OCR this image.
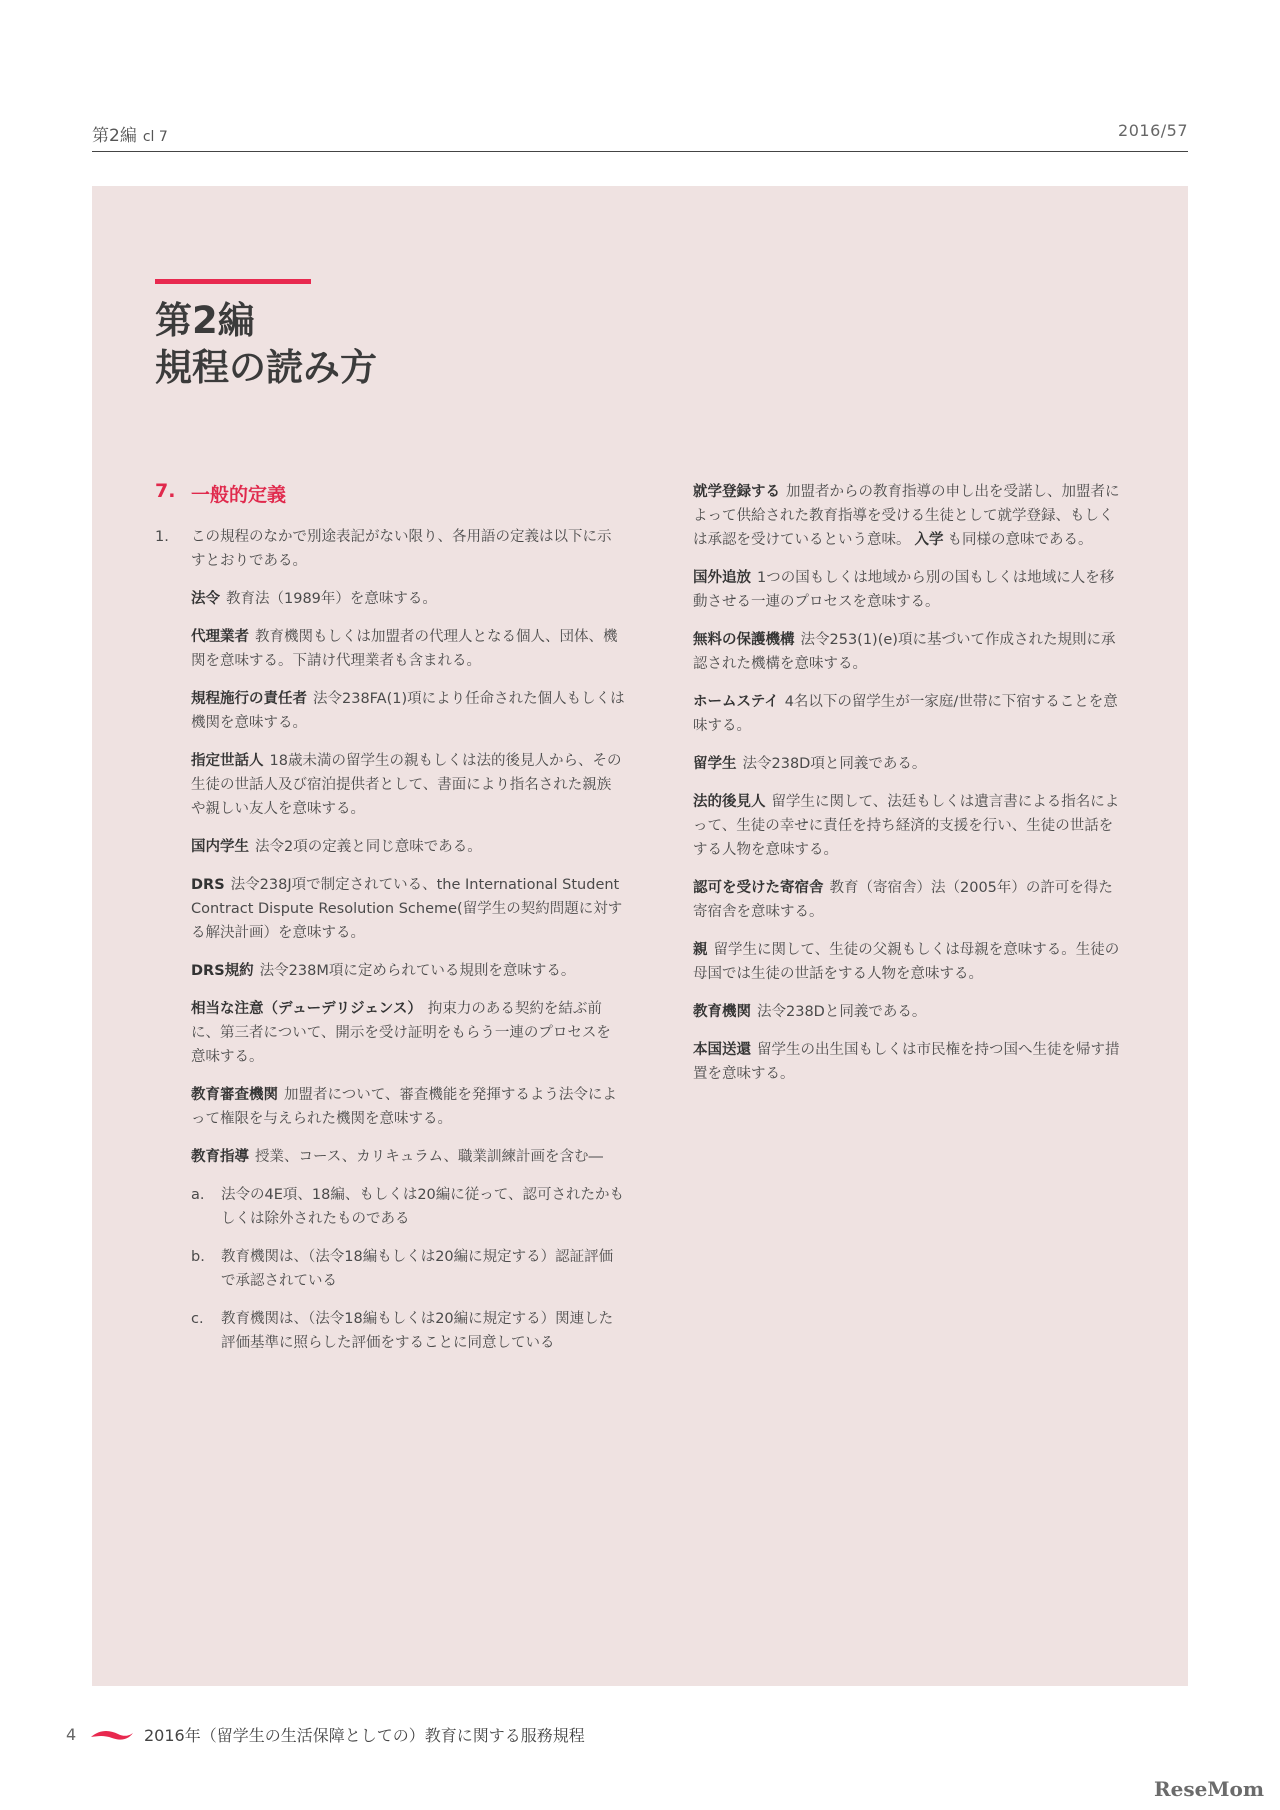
第2編 cl 7	2016/57
第2編
規程の読み方
7. 一般的定義
1.	この規程のなかで別途表記がない限り、各用語の定義は以下に示すとおりである。

法令 教育法（1989年）を意味する。

代理業者 教育機関もしくは加盟者の代理人となる個人、団体、機関を意味する。下請け代理業者も含まれる。

規程施行の責任者 法令238FA(1)項により任命された個人もしくは機関を意味する。

指定世話人 18歳未満の留学生の親もしくは法的後見人から、その生徒の世話人及び宿泊提供者として、書面により指名された親族や親しい友人を意味する。

国内学生 法令2項の定義と同じ意味である。

DRS 法令238J項で制定されている、the International Student Contract Dispute Resolution Scheme(留学生の契約問題に対する解決計画）を意味する。

DRS規約 法令238M項に定められている規則を意味する。

相当な注意（デューデリジェンス） 拘束力のある契約を結ぶ前に、第三者について、開示を受け証明をもらう一連のプロセスを意味する。

教育審査機関 加盟者について、審査機能を発揮するよう法令によって権限を与えられた機関を意味する。

教育指導 授業、コース、カリキュラム、職業訓練計画を含む―

a.	法令の4E項、18編、もしくは20編に従って、認可されたかもしくは除外されたものである
b.	教育機関は、（法令18編もしくは20編に規定する）認証評価で承認されている
c.	教育機関は、（法令18編もしくは20編に規定する）関連した評価基準に照らした評価をすることに同意している

就学登録する 加盟者からの教育指導の申し出を受諾し、加盟者によって供給された教育指導を受ける生徒として就学登録、もしくは承認を受けているという意味。 入学 も同様の意味である。

国外追放 1つの国もしくは地域から別の国もしくは地域に人を移動させる一連のプロセスを意味する。

無料の保護機構 法令253(1)(e)項に基づいて作成された規則に承認された機構を意味する。

ホームステイ 4名以下の留学生が一家庭/世帯に下宿することを意味する。

留学生 法令238D項と同義である。

法的後見人 留学生に関して、法廷もしくは遺言書による指名によって、生徒の幸せに責任を持ち経済的支援を行い、生徒の世話をする人物を意味する。

認可を受けた寄宿舎 教育（寄宿舎）法（2005年）の許可を得た寄宿舎を意味する。

親 留学生に関して、生徒の父親もしくは母親を意味する。生徒の母国では生徒の世話をする人物を意味する。

教育機関 法令238Dと同義である。

本国送還 留学生の出生国もしくは市民権を持つ国へ生徒を帰す措置を意味する。

4	2016年（留学生の生活保障としての）教育に関する服務規程
ReseMom
